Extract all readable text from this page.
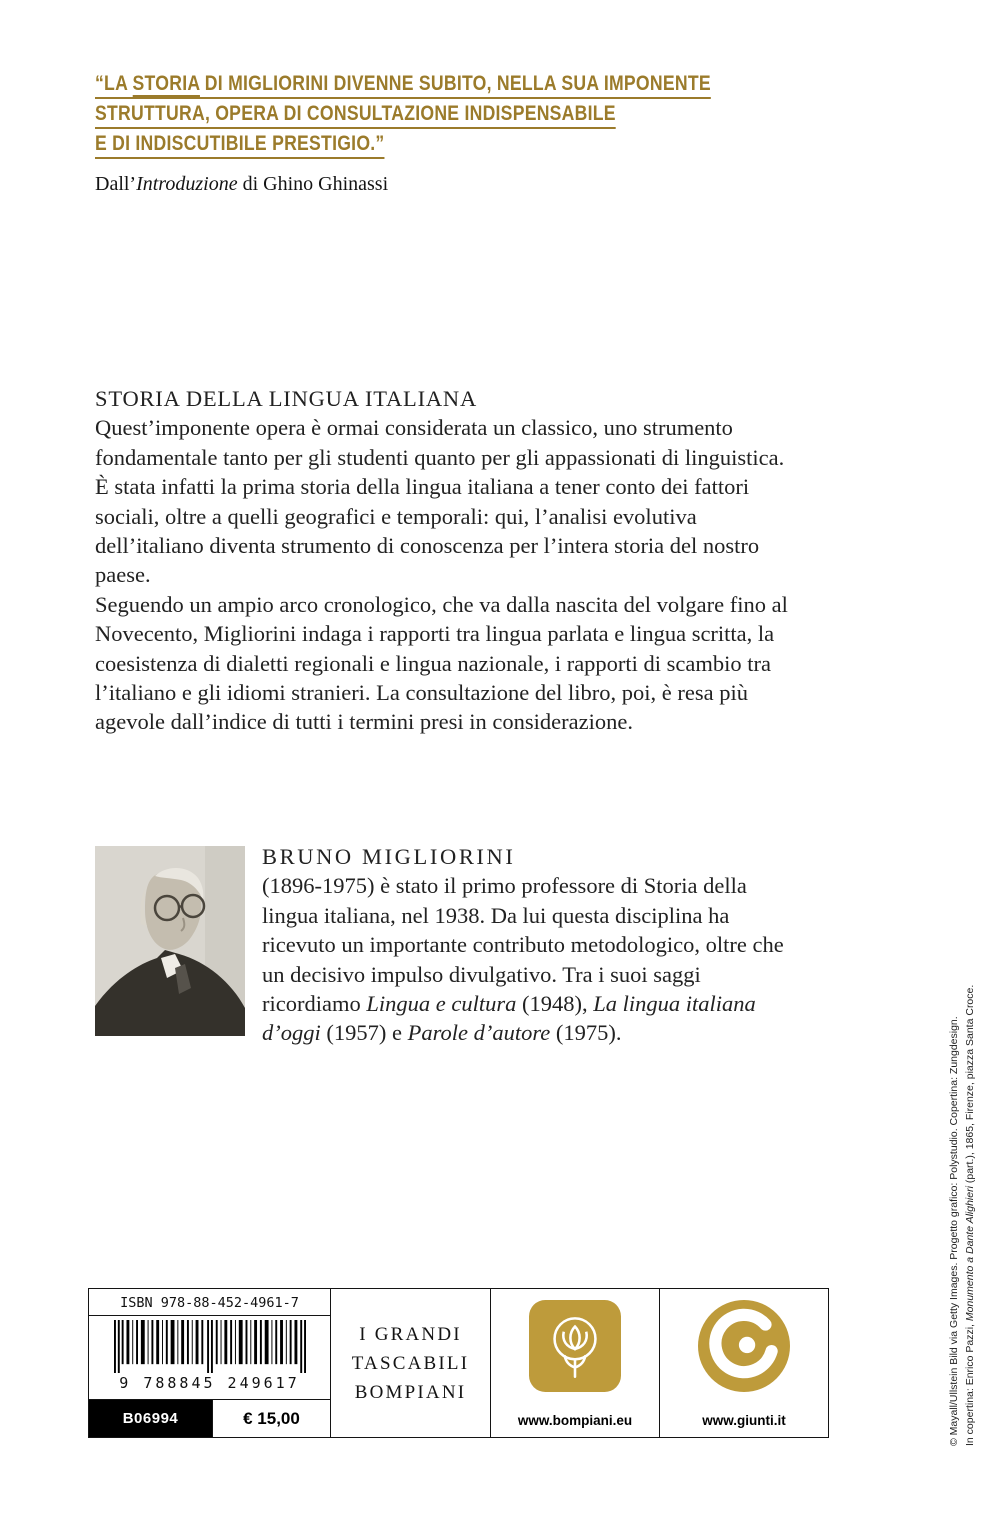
“LA STORIA DI MIGLIORINI DIVENNE SUBITO, NELLA SUA IMPONENTE
STRUTTURA, OPERA DI CONSULTAZIONE INDISPENSABILE
E DI INDISCUTIBILE PRESTIGIO.”
Dall’Introduzione di Ghino Ghinassi
STORIA DELLA LINGUA ITALIANA

Quest’imponente opera è ormai considerata un classico, uno strumento fondamentale tanto per gli studenti quanto per gli appassionati di linguistica. È stata infatti la prima storia della lingua italiana a tener conto dei fattori sociali, oltre a quelli geografici e temporali: qui, l’analisi evolutiva dell’italiano diventa strumento di conoscenza per l’intera storia del nostro paese.

Seguendo un ampio arco cronologico, che va dalla nascita del volgare fino al Novecento, Migliorini indaga i rapporti tra lingua parlata e lingua scritta, la coesistenza di dialetti regionali e lingua nazionale, i rapporti di scambio tra l’italiano e gli idiomi stranieri. La consultazione del libro, poi, è resa più agevole dall’indice di tutti i termini presi in considerazione.

BRUNO MIGLIORINI

(1896-1975) è stato il primo professore di Storia della lingua italiana, nel 1938. Da lui questa disciplina ha ricevuto un importante contributo metodologico, oltre che un decisivo impulso divulgativo. Tra i suoi saggi ricordiamo Lingua e cultura (1948), La lingua italiana d’oggi (1957) e Parole d’autore (1975).

ISBN 978-88-452-4961-7
9 788845 249617
B06994	€ 15,00
I GRANDI
TASCABILI
BOMPIANI
www.bompiani.eu	www.giunti.it	© Mayall/Ullstein Bild via Getty Images. Progetto grafico: Polystudio. Copertina: Zungdesign. In copertina: Enrico Pazzi, Monumento a Dante Alighieri (part.), 1865, Firenze, piazza Santa Croce.
